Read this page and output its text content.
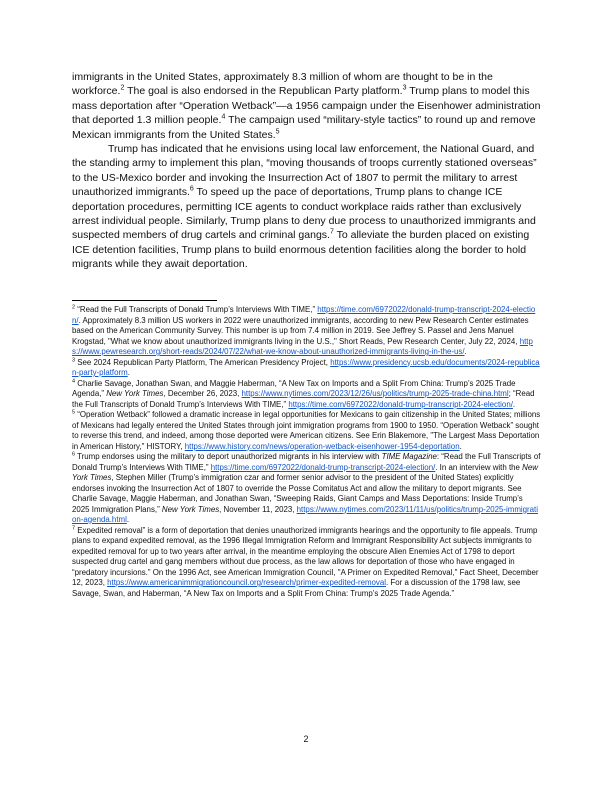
immigrants in the United States, approximately 8.3 million of whom are thought to be in the workforce.$^2$ The goal is also endorsed in the Republican Party platform.$^3$ Trump plans to model this mass deportation after “Operation Wetback”—a 1956 campaign under the Eisenhower administration that deported 1.3 million people.$^4$ The campaign used “military-style tactics” to round up and remove Mexican immigrants from the United States.$^5$

Trump has indicated that he envisions using local law enforcement, the National Guard, and the standing army to implement this plan, “moving thousands of troops currently stationed overseas” to the US-Mexico border and invoking the Insurrection Act of 1807 to permit the military to arrest unauthorized immigrants.$^6$ To speed up the pace of deportations, Trump plans to change ICE deportation procedures, permitting ICE agents to conduct workplace raids rather than exclusively arrest individual people. Similarly, Trump plans to deny due process to unauthorized immigrants and suspected members of drug cartels and criminal gangs.$^7$ To alleviate the burden placed on existing ICE detention facilities, Trump plans to build enormous detention facilities along the border to hold migrants while they await deportation.

$^2$ “Read the Full Transcripts of Donald Trump’s Interviews With TIME,” https://time.com/6972022/donald-trump-transcript-2024-election/. Approximately 8.3 million US workers in 2022 were unauthorized immigrants, according to new Pew Research Center estimates based on the American Community Survey. This number is up from 7.4 million in 2019. See Jeffrey S. Passel and Jens Manuel Krogstad, "What we know about unauthorized immigrants living in the U.S.," Short Reads, Pew Research Center, July 22, 2024, https://www.pewresearch.org/short-reads/2024/07/22/what-we-know-about-unauthorized-immigrants-living-in-the-us/.

$^3$ See 2024 Republican Party Platform, The American Presidency Project, https://www.presidency.ucsb.edu/documents/2024-republican-party-platform.

$^4$ Charlie Savage, Jonathan Swan, and Maggie Haberman, “A New Tax on Imports and a Split From China: Trump’s 2025 Trade Agenda,” New York Times, December 26, 2023, https://www.nytimes.com/2023/12/26/us/politics/trump-2025-trade-china.html; “Read the Full Transcripts of Donald Trump’s Interviews With TIME,” https://time.com/6972022/donald-trump-transcript-2024-election/.

$^5$ “Operation Wetback” followed a dramatic increase in legal opportunities for Mexicans to gain citizenship in the United States; millions of Mexicans had legally entered the United States through joint immigration programs from 1900 to 1950. “Operation Wetback” sought to reverse this trend, and indeed, among those deported were American citizens. See Erin Blakemore, "The Largest Mass Deportation in American History," HISTORY, https://www.history.com/news/operation-wetback-eisenhower-1954-deportation.

$^6$ Trump endorses using the military to deport unauthorized migrants in his interview with TIME Magazine: “Read the Full Transcripts of Donald Trump’s Interviews With TIME,” https://time.com/6972022/donald-trump-transcript-2024-election/. In an interview with the New York Times, Stephen Miller (Trump’s immigration czar and former senior advisor to the president of the United States) explicitly endorses invoking the Insurrection Act of 1807 to override the Posse Comitatus Act and allow the military to deport migrants. See Charlie Savage, Maggie Haberman, and Jonathan Swan, “Sweeping Raids, Giant Camps and Mass Deportations: Inside Trump’s 2025 Immigration Plans,” New York Times, November 11, 2023, https://www.nytimes.com/2023/11/11/us/politics/trump-2025-immigration-agenda.html.

$^7$ Expedited removal” is a form of deportation that denies unauthorized immigrants hearings and the opportunity to file appeals. Trump plans to expand expedited removal, as the 1996 Illegal Immigration Reform and Immigrant Responsibility Act subjects immigrants to expedited removal for up to two years after arrival, in the meantime employing the obscure Alien Enemies Act of 1798 to deport suspected drug cartel and gang members without due process, as the law allows for deportation of those who have engaged in “predatory incursions.” On the 1996 Act, see American Immigration Council, "A Primer on Expedited Removal," Fact Sheet, December 12, 2023, https://www.americanimmigrationcouncil.org/research/primer-expedited-removal. For a discussion of the 1798 law, see Savage, Swan, and Haberman, “A New Tax on Imports and a Split From China: Trump’s 2025 Trade Agenda.”

2
